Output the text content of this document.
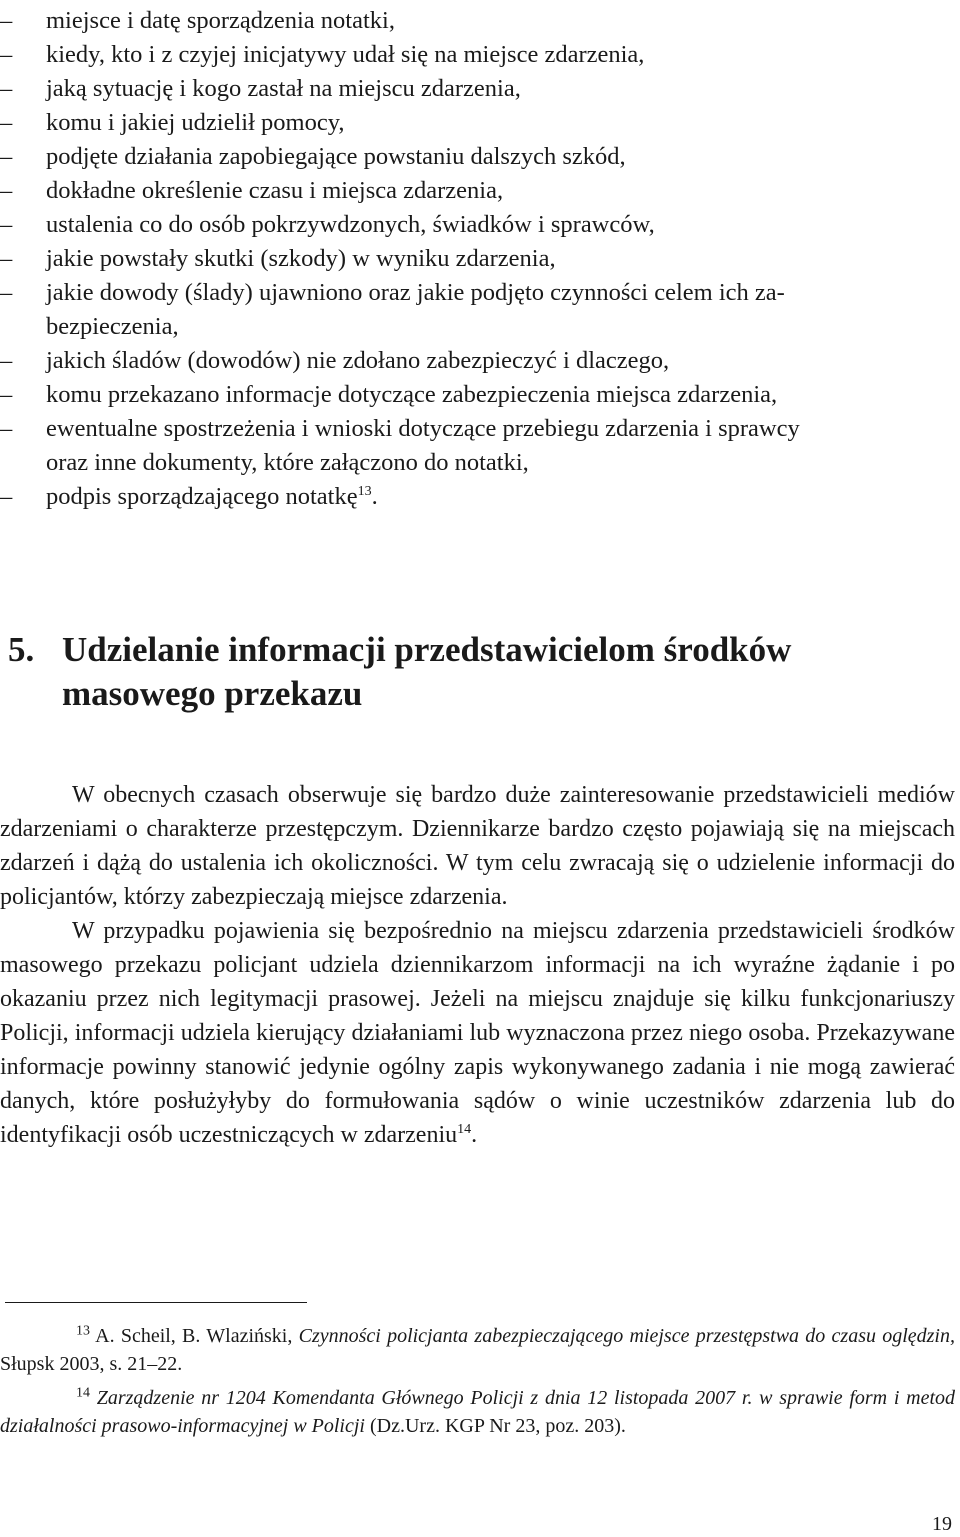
–	miejsce i datę sporządzenia notatki,
–	kiedy, kto i z czyjej inicjatywy udał się na miejsce zdarzenia,
–	jaką sytuację i kogo zastał na miejscu zdarzenia,
–	komu i jakiej udzielił pomocy,
–	podjęte działania zapobiegające powstaniu dalszych szkód,
–	dokładne określenie czasu i miejsca zdarzenia,
–	ustalenia co do osób pokrzywdzonych, świadków i sprawców,
–	jakie powstały skutki (szkody) w wyniku zdarzenia,
–	jakie dowody (ślady) ujawniono oraz jakie podjęto czynności celem ich za-
bezpieczenia,
–	jakich śladów (dowodów) nie zdołano zabezpieczyć i dlaczego,
–	komu przekazano informacje dotyczące zabezpieczenia miejsca zdarzenia,
–	ewentualne spostrzeżenia i wnioski dotyczące przebiegu zdarzenia i sprawcy
oraz inne dokumenty, które załączono do notatki,
–	podpis sporządzającego notatkę$^{13}$.
5. Udzielanie informacji przedstawicielom środków
masowego przekazu

W obecnych czasach obserwuje się bardzo duże zainteresowanie przedstawicieli mediów zdarzeniami o charakterze przestępczym. Dziennikarze bardzo często pojawiają się na miejscach zdarzeń i dążą do ustalenia ich okoliczności. W tym celu zwracają się o udzielenie informacji do policjantów, którzy zabezpieczają miejsce zdarzenia.

W przypadku pojawienia się bezpośrednio na miejscu zdarzenia przedstawicieli środków masowego przekazu policjant udziela dziennikarzom informacji na ich wyraźne żądanie i po okazaniu przez nich legitymacji prasowej. Jeżeli na miejscu znajduje się kilku funkcjonariuszy Policji, informacji udziela kierujący działaniami lub wyznaczona przez niego osoba. Przekazywane informacje powinny stanowić jedynie ogólny zapis wykonywanego zadania i nie mogą zawierać danych, które posłużyłyby do formułowania sądów o winie uczestników zdarzenia lub do identyfikacji osób uczestniczących w zdarzeniu$^{14}$.

$^{13}$ A. Scheil, B. Wlaziński, Czynności policjanta zabezpieczającego miejsce przestępstwa do czasu oględzin, Słupsk 2003, s. 21–22.
$^{14}$ Zarządzenie nr 1204 Komendanta Głównego Policji z dnia 12 listopada 2007 r. w sprawie form i metod działalności prasowo-informacyjnej w Policji (Dz.Urz. KGP Nr 23, poz. 203).
19
